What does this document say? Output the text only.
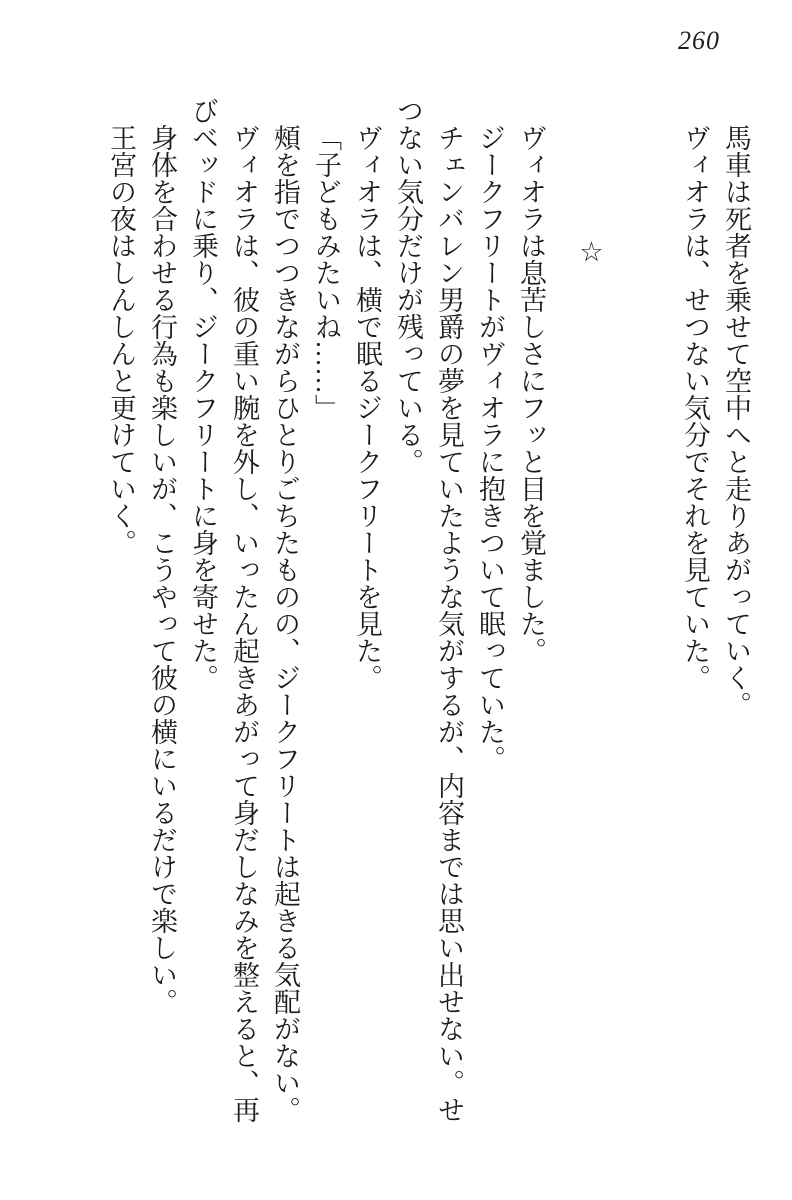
260

馬車は死者を乗せて空中へと走りあがっていく。

ヴィオラは、せつない気分でそれを見ていた。

☆

ヴィオラは息苦しさにフッと目を覚ました。

ジークフリートがヴィオラに抱きついて眠っていた。

チェンバレン男爵の夢を見ていたような気がするが、内容までは思い出せない。せつない気分だけが残っている。

ヴィオラは、横で眠るジークフリートを見た。

「子どもみたいね……」

頰を指でつつきながらひとりごちたものの、ジークフリートは起きる気配がない。

ヴィオラは、彼の重い腕を外し、いったん起きあがって身だしなみを整えると、再びベッドに乗り、ジークフリートに身を寄せた。

身体を合わせる行為も楽しいが、こうやって彼の横にいるだけで楽しい。

王宮の夜はしんしんと更けていく。
